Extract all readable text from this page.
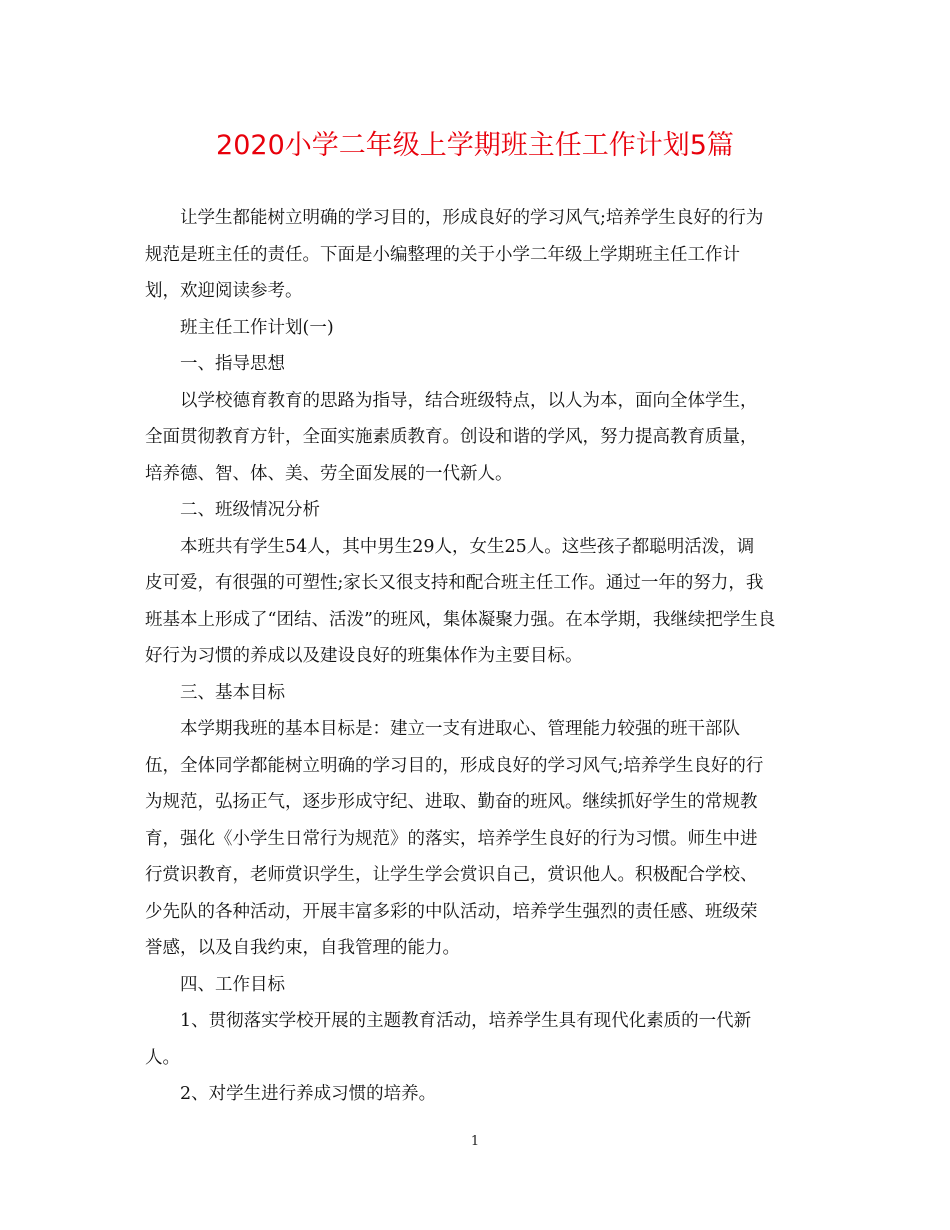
2020小学二年级上学期班主任工作计划5篇
让学生都能树立明确的学习目的，形成良好的学习风气;培养学生良好的行为
规范是班主任的责任。下面是小编整理的关于小学二年级上学期班主任工作计
划，欢迎阅读参考。
班主任工作计划(一)
一、指导思想
以学校德育教育的思路为指导，结合班级特点，以人为本，面向全体学生，
全面贯彻教育方针，全面实施素质教育。创设和谐的学风，努力提高教育质量，
培养德、智、体、美、劳全面发展的一代新人。
二、班级情况分析
本班共有学生54人，其中男生29人，女生25人。这些孩子都聪明活泼，调
皮可爱，有很强的可塑性;家长又很支持和配合班主任工作。通过一年的努力，我
班基本上形成了“团结、活泼”的班风，集体凝聚力强。在本学期，我继续把学生良
好行为习惯的养成以及建设良好的班集体作为主要目标。
三、基本目标
本学期我班的基本目标是：建立一支有进取心、管理能力较强的班干部队
伍，全体同学都能树立明确的学习目的，形成良好的学习风气;培养学生良好的行
为规范，弘扬正气，逐步形成守纪、进取、勤奋的班风。继续抓好学生的常规教
育，强化《小学生日常行为规范》的落实，培养学生良好的行为习惯。师生中进
行赏识教育，老师赏识学生，让学生学会赏识自己，赏识他人。积极配合学校、
少先队的各种活动，开展丰富多彩的中队活动，培养学生强烈的责任感、班级荣
誉感，以及自我约束，自我管理的能力。
四、工作目标
1、贯彻落实学校开展的主题教育活动，培养学生具有现代化素质的一代新
人。
2、对学生进行养成习惯的培养。
1
